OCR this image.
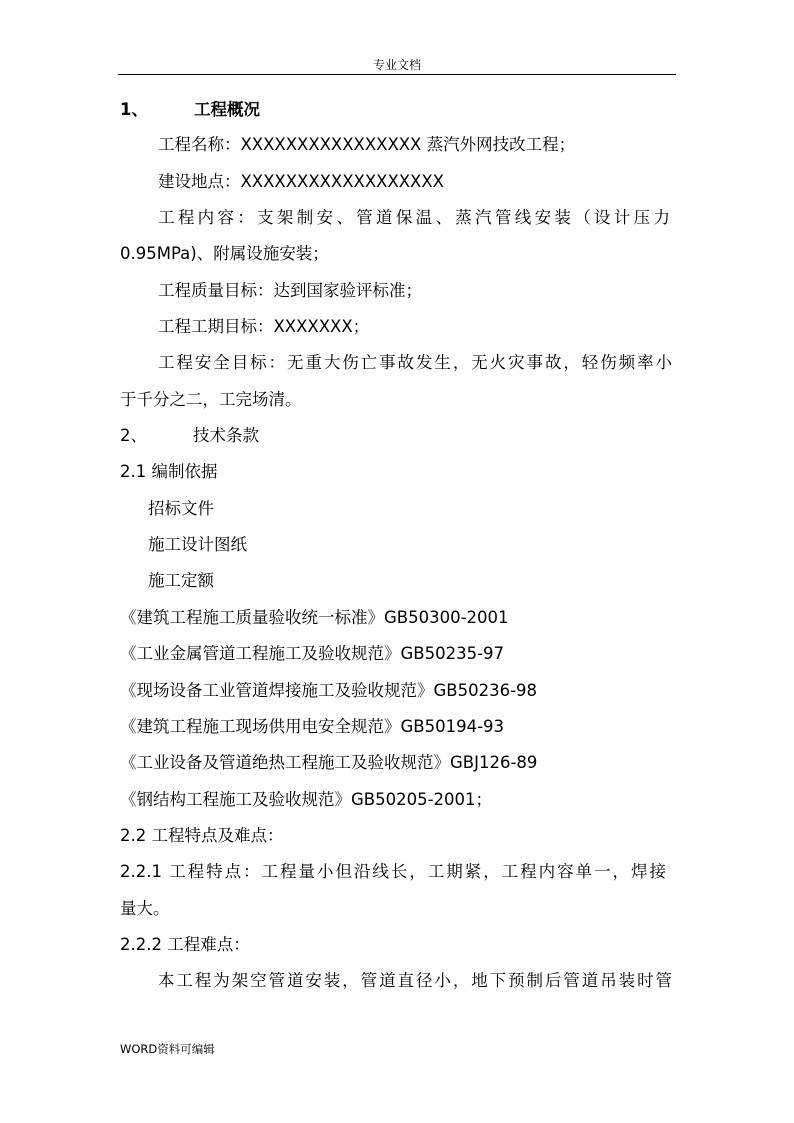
专业文档
1、	工程概况
工程名称：XXXXXXXXXXXXXXXX 蒸汽外网技改工程；
建设地点：XXXXXXXXXXXXXXXXXX
工程内容：支架制安、管道保温、蒸汽管线安装（设计压力
0.95MPa)、附属设施安装；
工程质量目标：达到国家验评标准；
工程工期目标：XXXXXXX；
工程安全目标：无重大伤亡事故发生，无火灾事故，轻伤频率小
于千分之二，工完场清。
2、	技术条款
2.1 编制依据
招标文件
施工设计图纸
施工定额
《建筑工程施工质量验收统一标准》GB50300-2001
《工业金属管道工程施工及验收规范》GB50235-97
《现场设备工业管道焊接施工及验收规范》GB50236-98
《建筑工程施工现场供用电安全规范》GB50194-93
《工业设备及管道绝热工程施工及验收规范》GBJ126-89
《钢结构工程施工及验收规范》GB50205-2001；
2.2 工程特点及难点：
2.2.1 工程特点：工程量小但沿线长，工期紧，工程内容单一，焊接
量大。
2.2.2 工程难点：
本工程为架空管道安装，管道直径小，地下预制后管道吊装时管
WORD资料可编辑
